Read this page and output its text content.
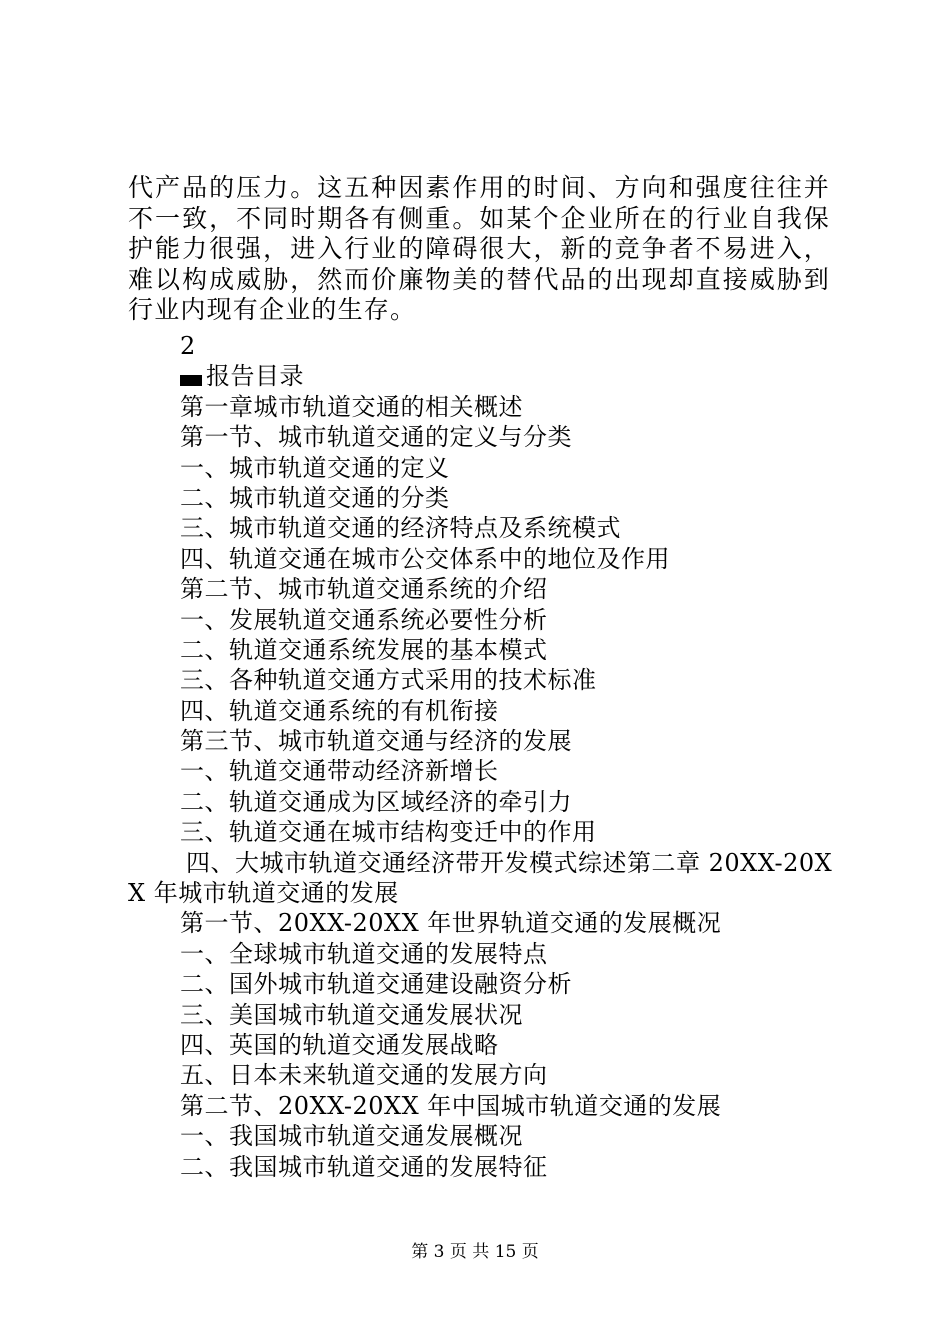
代产品的压力。这五种因素作用的时间、方向和强度往往并不一致，不同时期各有侧重。如某个企业所在的行业自我保护能力很强，进入行业的障碍很大，新的竞争者不易进入，难以构成威胁，然而价廉物美的替代品的出现却直接威胁到行业内现有企业的生存。

2
报告目录
第一章城市轨道交通的相关概述
第一节、城市轨道交通的定义与分类
一、城市轨道交通的定义
二、城市轨道交通的分类
三、城市轨道交通的经济特点及系统模式
四、轨道交通在城市公交体系中的地位及作用
第二节、城市轨道交通系统的介绍
一、发展轨道交通系统必要性分析
二、轨道交通系统发展的基本模式
三、各种轨道交通方式采用的技术标准
四、轨道交通系统的有机衔接
第三节、城市轨道交通与经济的发展
一、轨道交通带动经济新增长
二、轨道交通成为区域经济的牵引力
三、轨道交通在城市结构变迁中的作用
四、大城市轨道交通经济带开发模式综述第二章 20XX-20XX 年城市轨道交通的发展
第一节、20XX-20XX 年世界轨道交通的发展概况
一、全球城市轨道交通的发展特点
二、国外城市轨道交通建设融资分析
三、美国城市轨道交通发展状况
四、英国的轨道交通发展战略
五、日本未来轨道交通的发展方向
第二节、20XX-20XX 年中国城市轨道交通的发展
一、我国城市轨道交通发展概况
二、我国城市轨道交通的发展特征
第 3 页 共 15 页
